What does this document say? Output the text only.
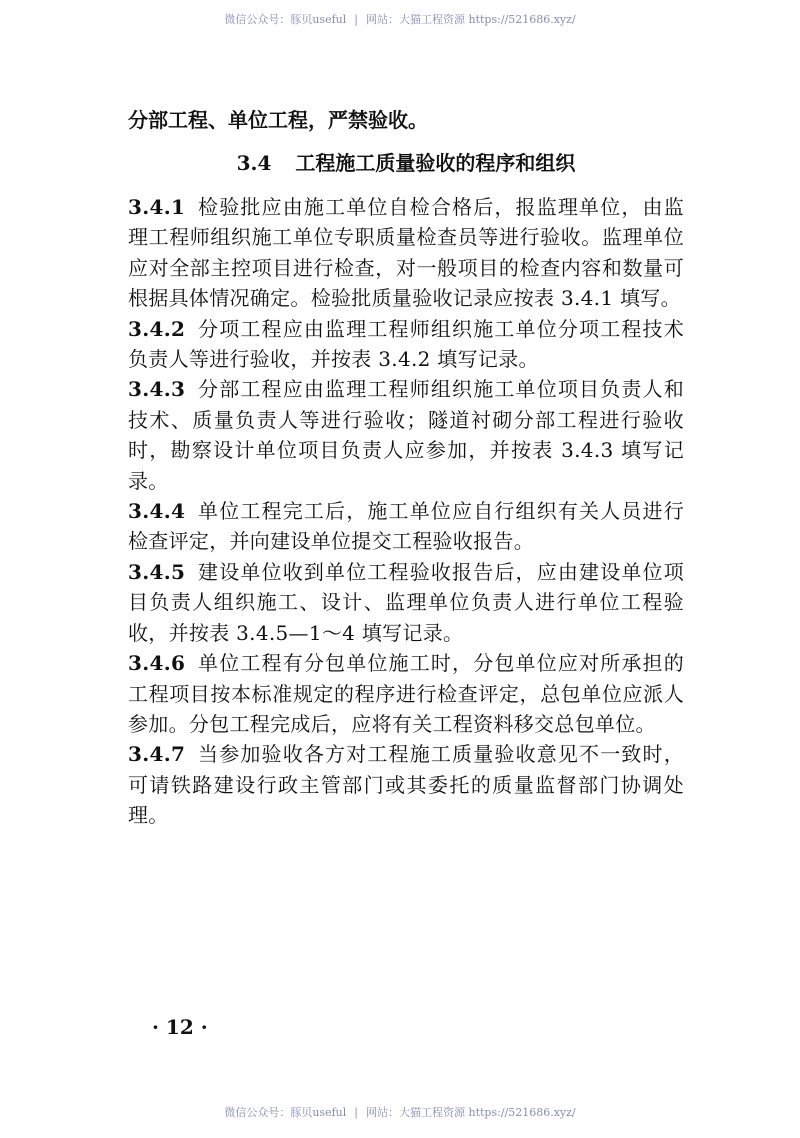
微信公众号：豚贝useful | 网站：大猫工程资源 https://521686.xyz/

分部工程、单位工程，严禁验收。

3.4 工程施工质量验收的程序和组织

3.4.1 检验批应由施工单位自检合格后，报监理单位，由监理工程师组织施工单位专职质量检查员等进行验收。监理单位应对全部主控项目进行检查，对一般项目的检查内容和数量可根据具体情况确定。检验批质量验收记录应按表 3.4.1 填写。

3.4.2 分项工程应由监理工程师组织施工单位分项工程技术负责人等进行验收，并按表 3.4.2 填写记录。

3.4.3 分部工程应由监理工程师组织施工单位项目负责人和技术、质量负责人等进行验收；隧道衬砌分部工程进行验收时，勘察设计单位项目负责人应参加，并按表 3.4.3 填写记录。

3.4.4 单位工程完工后，施工单位应自行组织有关人员进行检查评定，并向建设单位提交工程验收报告。

3.4.5 建设单位收到单位工程验收报告后，应由建设单位项目负责人组织施工、设计、监理单位负责人进行单位工程验收，并按表 3.4.5—1～4 填写记录。

3.4.6 单位工程有分包单位施工时，分包单位应对所承担的工程项目按本标准规定的程序进行检查评定，总包单位应派人参加。分包工程完成后，应将有关工程资料移交总包单位。

3.4.7 当参加验收各方对工程施工质量验收意见不一致时，可请铁路建设行政主管部门或其委托的质量监督部门协调处理。

· 12 ·
微信公众号：豚贝useful | 网站：大猫工程资源 https://521686.xyz/
